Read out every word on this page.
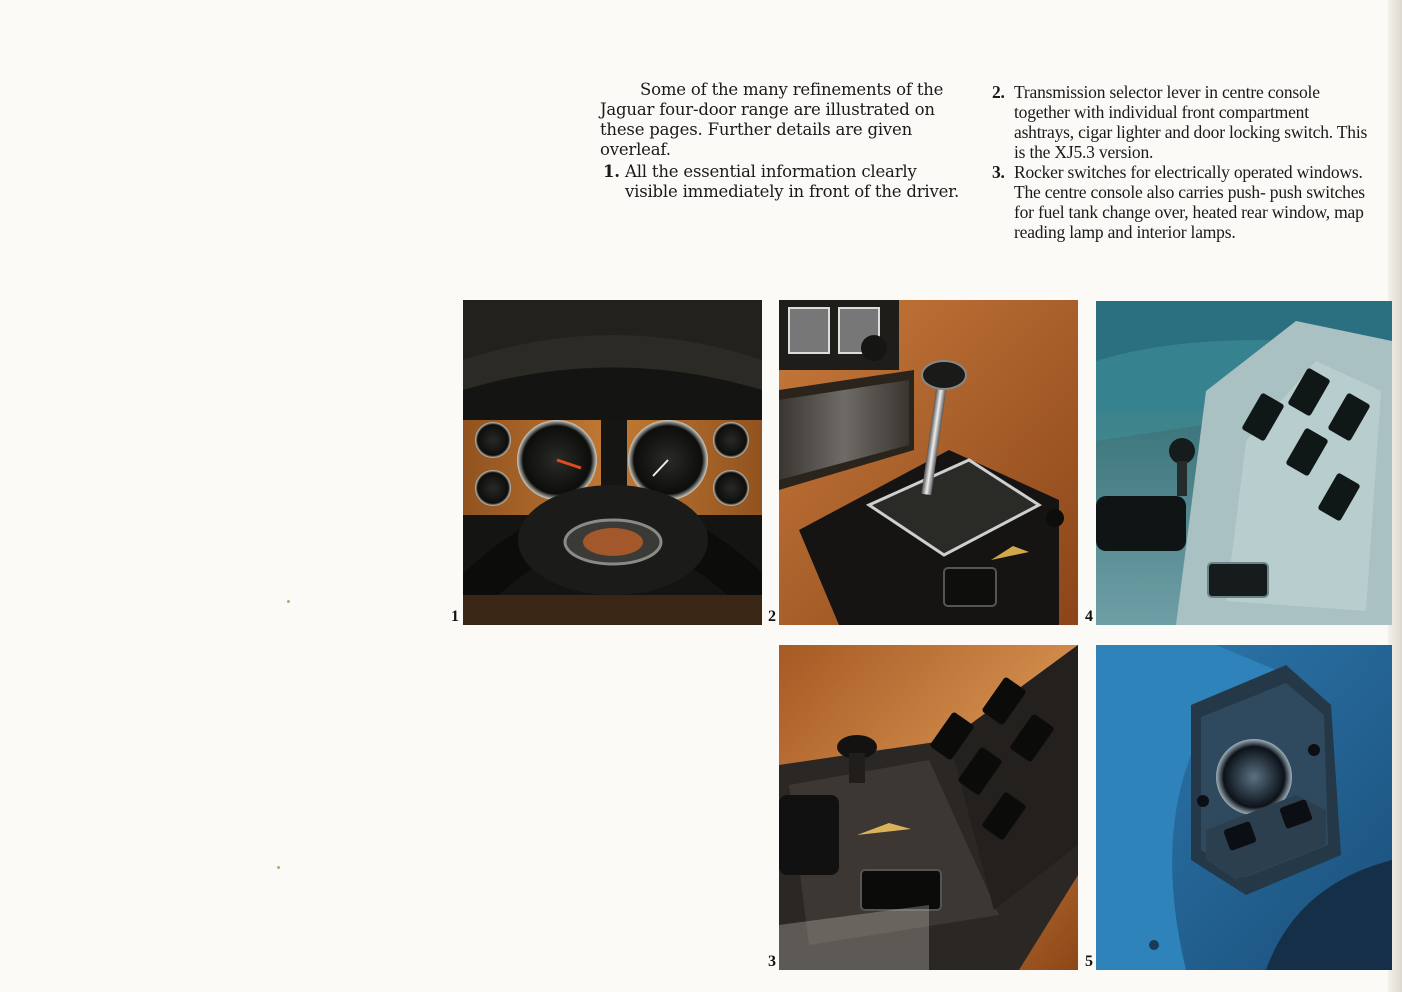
Some of the many refinements of the Jaguar four-door range are illustrated on these pages. Further details are given overleaf.

1. All the essential information clearly visible immediately in front of the driver.

2. Transmission selector lever in centre console together with individual front compartment ashtrays, cigar lighter and door locking switch. This is the XJ5.3 version.

3. Rocker switches for electrically operated windows. The centre console also carries push- push switches for fuel tank change over, heated rear window, map reading lamp and interior lamps.

1	2	4
3	5
